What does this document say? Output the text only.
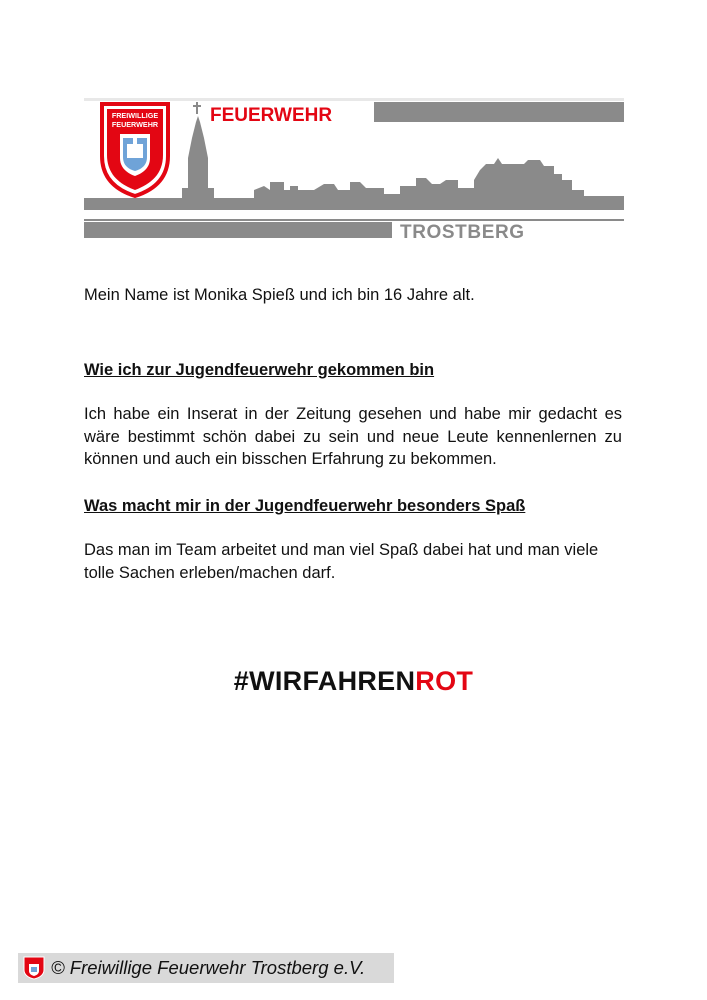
FREIWILLIGE
FEUERWEHR	FEUERWEHR
TROSTBERG

Mein Name ist Monika Spieß und ich bin 16 Jahre alt.

Wie ich zur Jugendfeuerwehr gekommen bin

Ich habe ein Inserat in der Zeitung gesehen und habe mir gedacht es wäre bestimmt schön dabei zu sein und neue Leute kennenlernen zu können und auch ein bisschen Erfahrung zu bekommen.

Was macht mir in der Jugendfeuerwehr besonders Spaß

Das man im Team arbeitet und man viel Spaß dabei hat und man viele tolle Sachen erleben/machen darf.

#WIRFAHRENROT
© Freiwillige Feuerwehr Trostberg e.V.
